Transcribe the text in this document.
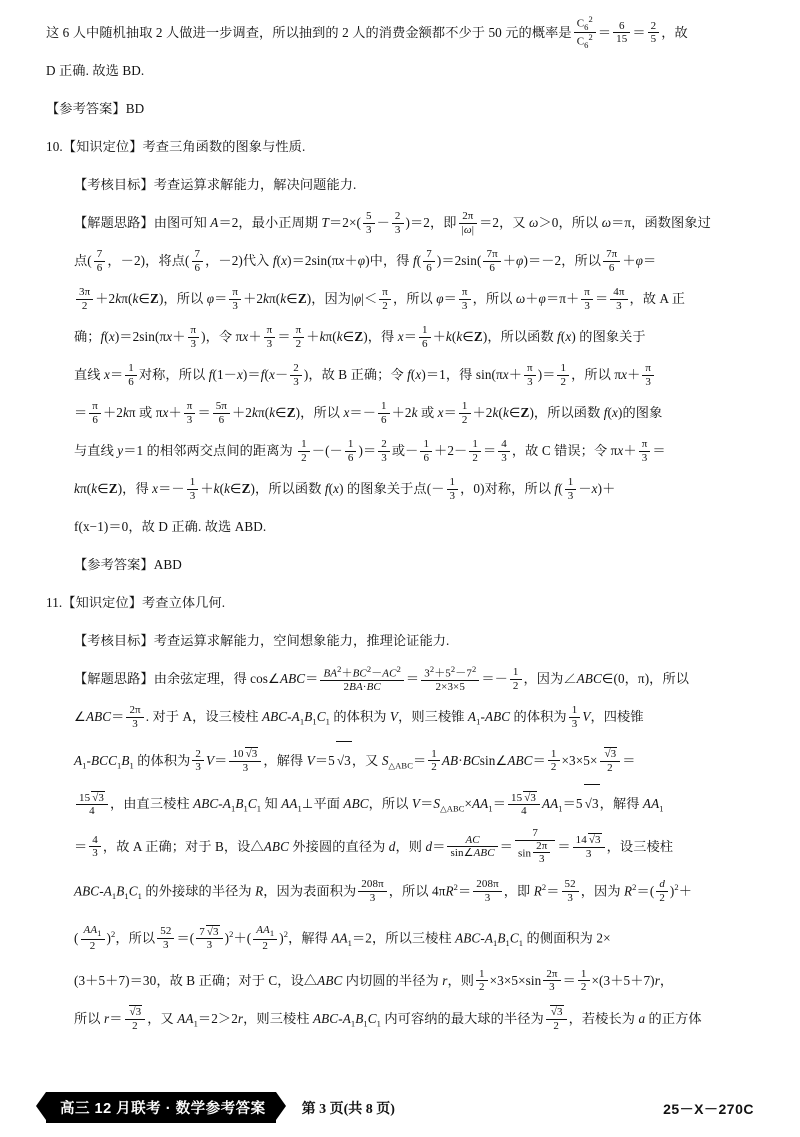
这 6 人中随机抽取 2 人做进一步调查，所以抽到的 2 人的消费金额都不少于 50 元的概率是 $\frac{C_6^2}{C_6^2} = \frac{6}{15} = \frac{2}{5}$ ，故
D 正确. 故选 BD.
【参考答案】BD
10.【知识定位】考查三角函数的图象与性质.
【考核目标】考查运算求解能力，解决问题能力.
【解题思路】由图可知 A＝2，最小正周期 $T=2\times( \frac{5}{3} - \frac{2}{3} )=2$，即 $\frac{2\pi}{|\omega|} =2$，又 ω＞0，所以 ω＝π，函数图象过
点( $\frac{7}{6}$ ，－2)，将点( $\frac{7}{6}$ ，－2)代入 f(x)＝2sin(πx＋φ)中，得 $f( \frac{7}{6} )=2\sin( \frac{7\pi}{6} +\varphi)=-2$，所以 $\frac{7\pi}{6} +\varphi=$
$\frac{3\pi}{2}$ ＋2kπ(k∈Z)，所以 $\varphi= \frac{\pi}{3}$ ＋2kπ(k∈Z)，因为$|\varphi|< \frac{\pi}{2}$ ，所以 $\varphi= \frac{\pi}{3}$ ，所以 $\omega+\varphi=\pi+ \frac{\pi}{3} = \frac{4\pi}{3}$ ，故 A 正
确；$f(x)=2\sin(\pi x+ \frac{\pi}{3}$ )，令 $\pi x+ \frac{\pi}{3} = \frac{\pi}{2}$ ＋kπ(k∈Z)，得 $x= \frac{1}{6}$ ＋k(k∈Z)，所以函数 f(x) 的图象关于
直线 $x= \frac{1}{6}$ 对称，所以 $f(1-x)=f(x- \frac{2}{3}$ )，故 B 正确；令 f(x)＝1，得 $\sin(\pi x+ \frac{\pi}{3}$ )＝ $\frac{1}{2}$ ，所以 $\pi x+ \frac{\pi}{3}$
＝ $\frac{\pi}{6} +2k\pi$ 或 $\pi x+ \frac{\pi}{3} = \frac{5\pi}{6}$ ＋2kπ(k∈Z)，所以 $x=- \frac{1}{6} +2k$ 或 $x= \frac{1}{2}$ ＋2k(k∈Z)，所以函数 f(x)的图象
与直线 y＝1 的相邻两交点间的距离为 $\frac{1}{2}$ －(－ $\frac{1}{6}$ )＝ $\frac{2}{3}$ 或－ $\frac{1}{6} +2- \frac{1}{2} = \frac{4}{3}$ ，故 C 错误；令 $\pi x+ \frac{\pi}{3}$ ＝
kπ(k∈Z)，得 $x=- \frac{1}{3}$ ＋k(k∈Z)，所以函数 f(x) 的图象关于点(－ $\frac{1}{3}$ ，0)对称，所以 $f( \frac{1}{3} -x)+$
f(x−1)＝0，故 D 正确. 故选 ABD.
【参考答案】ABD
11.【知识定位】考查立体几何.
【考核目标】考查运算求解能力，空间想象能力，推理论证能力.
【解题思路】由余弦定理，得 cos∠ABC＝ $\frac{BA^2+BC^2-AC^2}{2BA\cdot BC} = \frac{3^2+5^2-7^2}{2\times 3\times 5} =- \frac{1}{2}$ ，因为∠ABC∈(0，π)，所以
∠ABC＝ $\frac{2\pi}{3}$ . 对于 A，设三棱柱 ABC-$A_1B_1C_1$ 的体积为 V，则三棱锥 $A_1$-ABC 的体积为 $\frac{1}{3}$ V，四棱锥
$A_1-BCC_1B_1$ 的体积为 $\frac{2}{3} V= \frac{10 √3}{3}$ ，解得 V＝5 √3，又 $S_{\triangle ABC}= \frac{1}{2}$ AB·BCsin∠ABC＝ $\frac{1}{2} \times 3\times 5\times \frac{√3}{2}$ ＝
$\frac{15 √3}{4}$ ，由直三棱柱 ABC-$A_1B_1C_1$ 知 $AA_1\perp$平面 ABC，所以 $V=S_{\triangle ABC}\times AA_1= \frac{15 √3}{4} AA_1=5$ √3，解得 $AA_1$
＝ $\frac{4}{3}$ ，故 A 正确；对于 B，设△ABC 外接圆的直径为 d，则 $d= \frac{AC}{\text{sin∠ABC}} = \frac{7}{\sin \frac{2\pi}{3}} = \frac{14 √3}{3}$ ，设三棱柱
ABC-$A_1B_1C_1$ 的外接球的半径为 R，因为表面积为 $\frac{208\pi}{3}$ ，所以 $4\pi R^2= \frac{208\pi}{3}$ ，即 $R^2= \frac{52}{3}$ ，因为 $R^2=( \frac{d}{2} )^2+$
( $\frac{AA_1}{2} )^2$，所以 $\frac{52}{3}$ ＝( $\frac{7 √3}{3} )^2+( \frac{AA_1}{2} )^2$，解得 $AA_1=2$，所以三棱柱 ABC-$A_1B_1C_1$ 的侧面积为 2×
(3＋5＋7)＝30，故 B 正确；对于 C，设△ABC 内切圆的半径为 r，则 $\frac{1}{2} \times 3\times 5\times\sin \frac{2\pi}{3} = \frac{1}{2} \times(3+5+7)r$，
所以 $r= \frac{√3}{2}$ ，又 $AA_1=2>2r$，则三棱柱 ABC-$A_1B_1C_1$ 内可容纳的最大球的半径为 $\frac{√3}{2}$ ，若棱长为 a 的正方体
高三 12 月联考 · 数学参考答案	第 3 页(共 8 页)	25－X－270C
